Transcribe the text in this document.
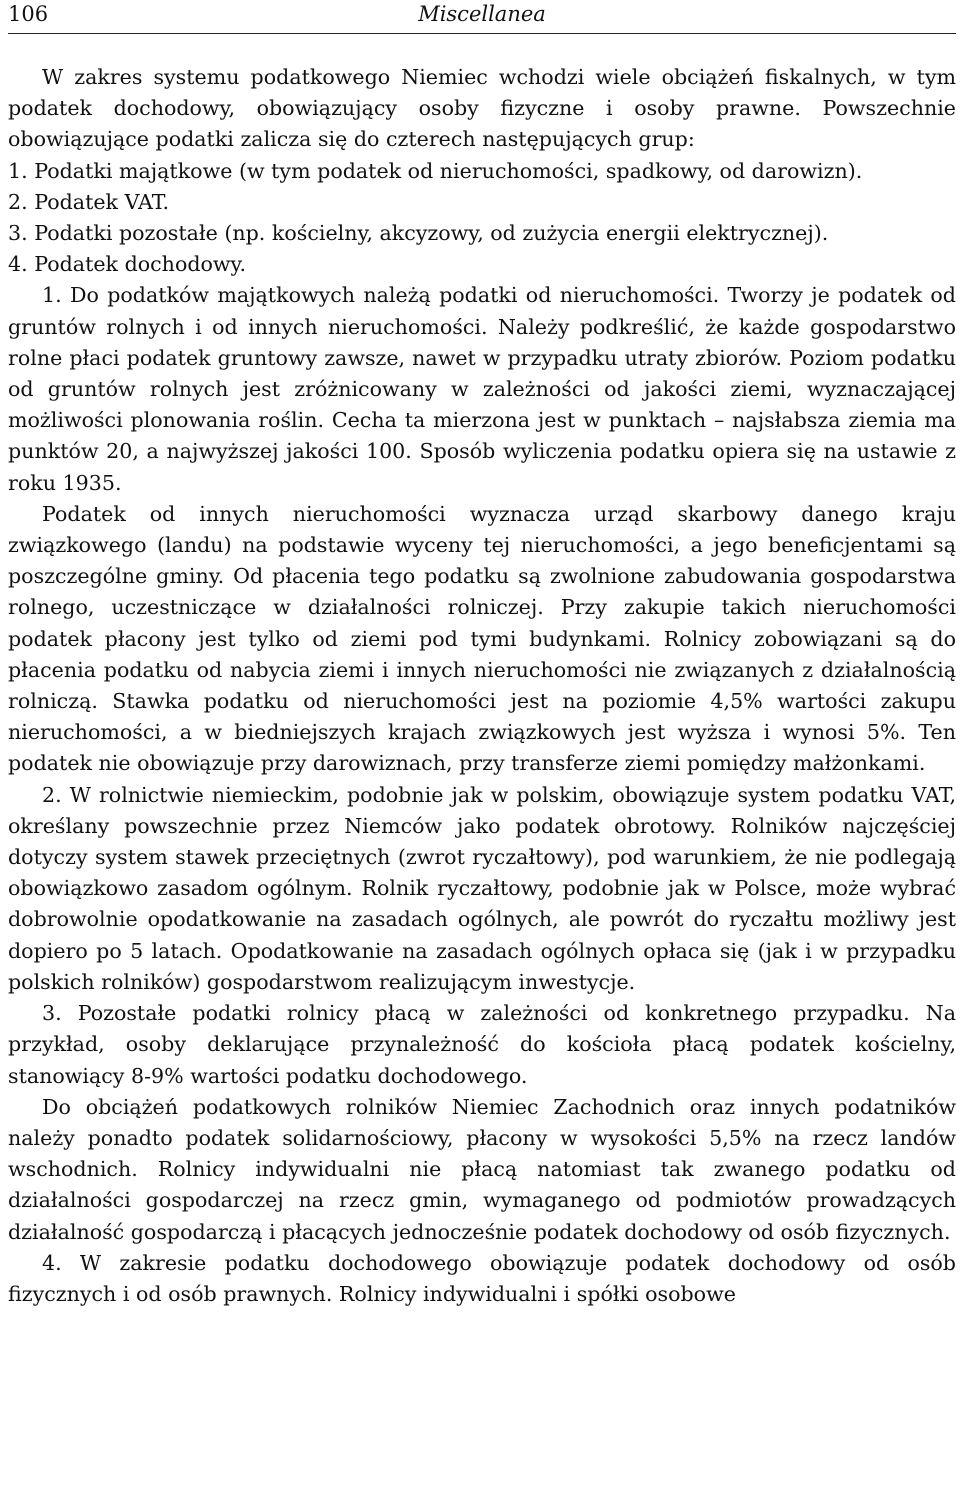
106	Miscellanea

W zakres systemu podatkowego Niemiec wchodzi wiele obciążeń fiskalnych, w tym podatek dochodowy, obowiązujący osoby fizyczne i osoby prawne. Powszechnie obowiązujące podatki zalicza się do czterech następujących grup:

1. Podatki majątkowe (w tym podatek od nieruchomości, spadkowy, od darowizn).

2. Podatek VAT.

3. Podatki pozostałe (np. kościelny, akcyzowy, od zużycia energii elektrycznej).

4. Podatek dochodowy.

1. Do podatków majątkowych należą podatki od nieruchomości. Tworzy je podatek od gruntów rolnych i od innych nieruchomości. Należy podkreślić, że każde gospodarstwo rolne płaci podatek gruntowy zawsze, nawet w przypadku utraty zbiorów. Poziom podatku od gruntów rolnych jest zróżnicowany w zależności od jakości ziemi, wyznaczającej możliwości plonowania roślin. Cecha ta mierzona jest w punktach – najsłabsza ziemia ma punktów 20, a najwyższej jakości 100. Sposób wyliczenia podatku opiera się na ustawie z roku 1935.

Podatek od innych nieruchomości wyznacza urząd skarbowy danego kraju związkowego (landu) na podstawie wyceny tej nieruchomości, a jego beneficjentami są poszczególne gminy. Od płacenia tego podatku są zwolnione zabudowania gospodarstwa rolnego, uczestniczące w działalności rolniczej. Przy zakupie takich nieruchomości podatek płacony jest tylko od ziemi pod tymi budynkami. Rolnicy zobowiązani są do płacenia podatku od nabycia ziemi i innych nieruchomości nie związanych z działalnością rolniczą. Stawka podatku od nieruchomości jest na poziomie 4,5% wartości zakupu nieruchomości, a w biedniejszych krajach związkowych jest wyższa i wynosi 5%. Ten podatek nie obowiązuje przy darowiznach, przy transferze ziemi pomiędzy małżonkami.

2. W rolnictwie niemieckim, podobnie jak w polskim, obowiązuje system podatku VAT, określany powszechnie przez Niemców jako podatek obrotowy. Rolników najczęściej dotyczy system stawek przeciętnych (zwrot ryczałtowy), pod warunkiem, że nie podlegają obowiązkowo zasadom ogólnym. Rolnik ryczałtowy, podobnie jak w Polsce, może wybrać dobrowolnie opodatkowanie na zasadach ogólnych, ale powrót do ryczałtu możliwy jest dopiero po 5 latach. Opodatkowanie na zasadach ogólnych opłaca się (jak i w przypadku polskich rolników) gospodarstwom realizującym inwestycje.

3. Pozostałe podatki rolnicy płacą w zależności od konkretnego przypadku. Na przykład, osoby deklarujące przynależność do kościoła płacą podatek kościelny, stanowiący 8-9% wartości podatku dochodowego.

Do obciążeń podatkowych rolników Niemiec Zachodnich oraz innych podatników należy ponadto podatek solidarnościowy, płacony w wysokości 5,5% na rzecz landów wschodnich. Rolnicy indywidualni nie płacą natomiast tak zwanego podatku od działalności gospodarczej na rzecz gmin, wymaganego od podmiotów prowadzących działalność gospodarczą i płacących jednocześnie podatek dochodowy od osób fizycznych.

4. W zakresie podatku dochodowego obowiązuje podatek dochodowy od osób fizycznych i od osób prawnych. Rolnicy indywidualni i spółki osobowe
